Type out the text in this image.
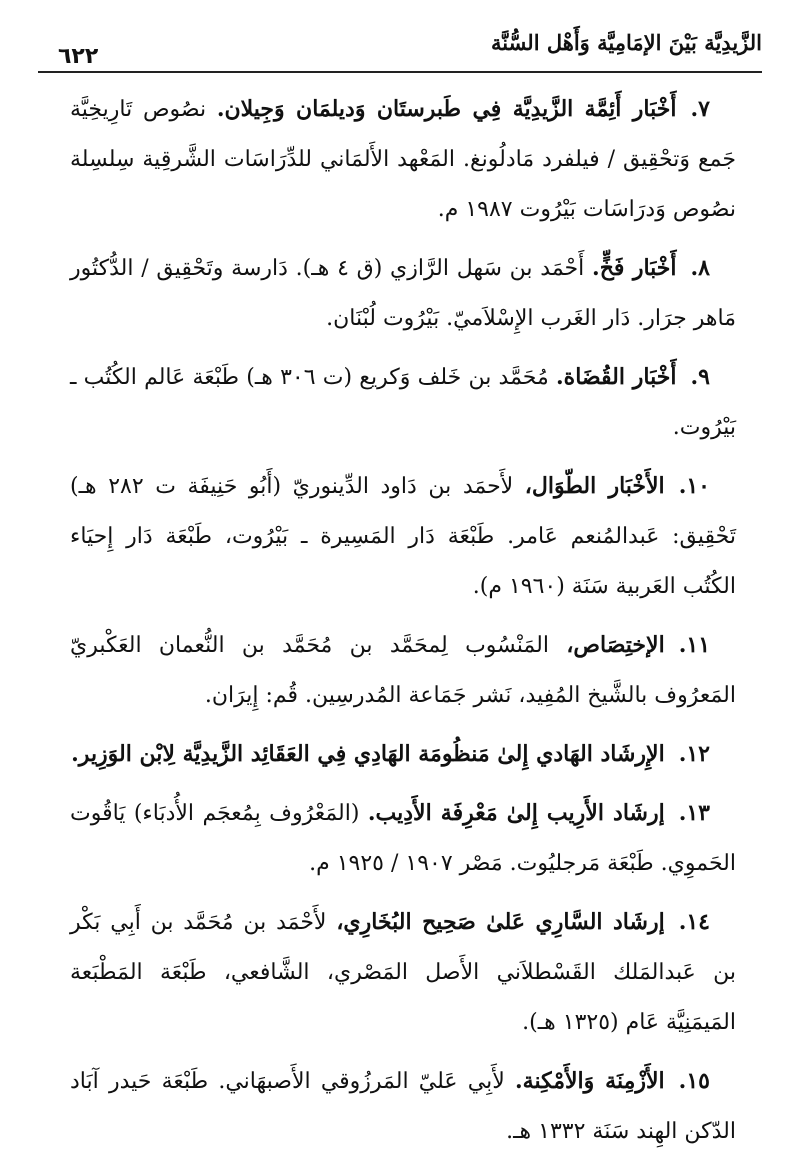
الزَّيدِيَّة بَيْنَ الإمَامِيَّة وَأَهْل السُّنَّة
٦٢٢

٧.أَخْبَار أَئِمَّة الزَّيدِيَّة فِي طَبرستَان وَديلمَان وَجِيلان. نصُوص تَارِيخِيَّة جَمع وَتحْقِيق / فيلفرد مَادلُونغ. المَعْهد الأَلمَاني للدِّرَاسَات الشَّرقِية سِلسِلة نصُوص وَدرَاسَات بَيْرُوت ١٩٨٧ م.

٨.أَخْبَار فَخٍّ. أَحْمَد بن سَهل الرَّازي (ق ٤ هـ). دَارسة وتَحْقِيق / الدُّكتُور مَاهر جرَار. دَار الغَرب الإِسْلاَميّ. بَيْرُوت لُبْنَان.

٩.أَخْبَار القُضَاة. مُحَمَّد بن خَلف وَكريع (ت ٣٠٦ هـ) طَبْعَة عَالم الكُتُب ـ بَيْرُوت.

١٠.الأَخْبَار الطّوَال، لأَحمَد بن دَاود الدِّينوريّ (أَبُو حَنِيفَة ت ٢٨٢ هـ) تَحْقِيق: عَبدالمُنعم عَامر. طَبْعَة دَار المَسِيرة ـ بَيْرُوت، طَبْعَة دَار إِحيَاء الكُتُب العَربية سَنَة (١٩٦٠ م).

١١.الإختِصَاص، المَنْسُوب لِمحَمَّد بن مُحَمَّد بن النُّعمان العَكْبريّ المَعرُوف بالشَّيخ المُفِيد، نَشر جَمَاعة المُدرسِين. قُم: إِيرَان.

١٢.الإِرشَاد الهَادي إِلىٰ مَنظُومَة الهَادِي فِي العَقَائِد الزَّيدِيَّة لِابْن الوَزِير.

١٣.إرشَاد الأَرِيب إِلىٰ مَعْرِفَة الأَدِيب. (المَعْرُوف بِمُعجَم الأُدبَاء) يَاقُوت الحَموِي. طَبْعَة مَرجليُوت. مَصْر ١٩٠٧ / ١٩٢٥ م.

١٤.إرشَاد السَّارِي عَلىٰ صَحِيح البُخَارِي، لأَحْمَد بن مُحَمَّد بن أَبِي بَكْر بن عَبدالمَلك القَسْطلاَني الأَصل المَصْري، الشَّافعي، طَبْعَة المَطْبَعة المَيمَنِيَّة عَام (١٣٢٥ هـ).

١٥.الأَزْمِنَة وَالأَمْكِنة. لأَبِي عَليّ المَرزُوقي الأَصبهَاني. طَبْعَة حَيدر آبَاد الدّكن الهِند سَنَة ١٣٣٢ هـ.
